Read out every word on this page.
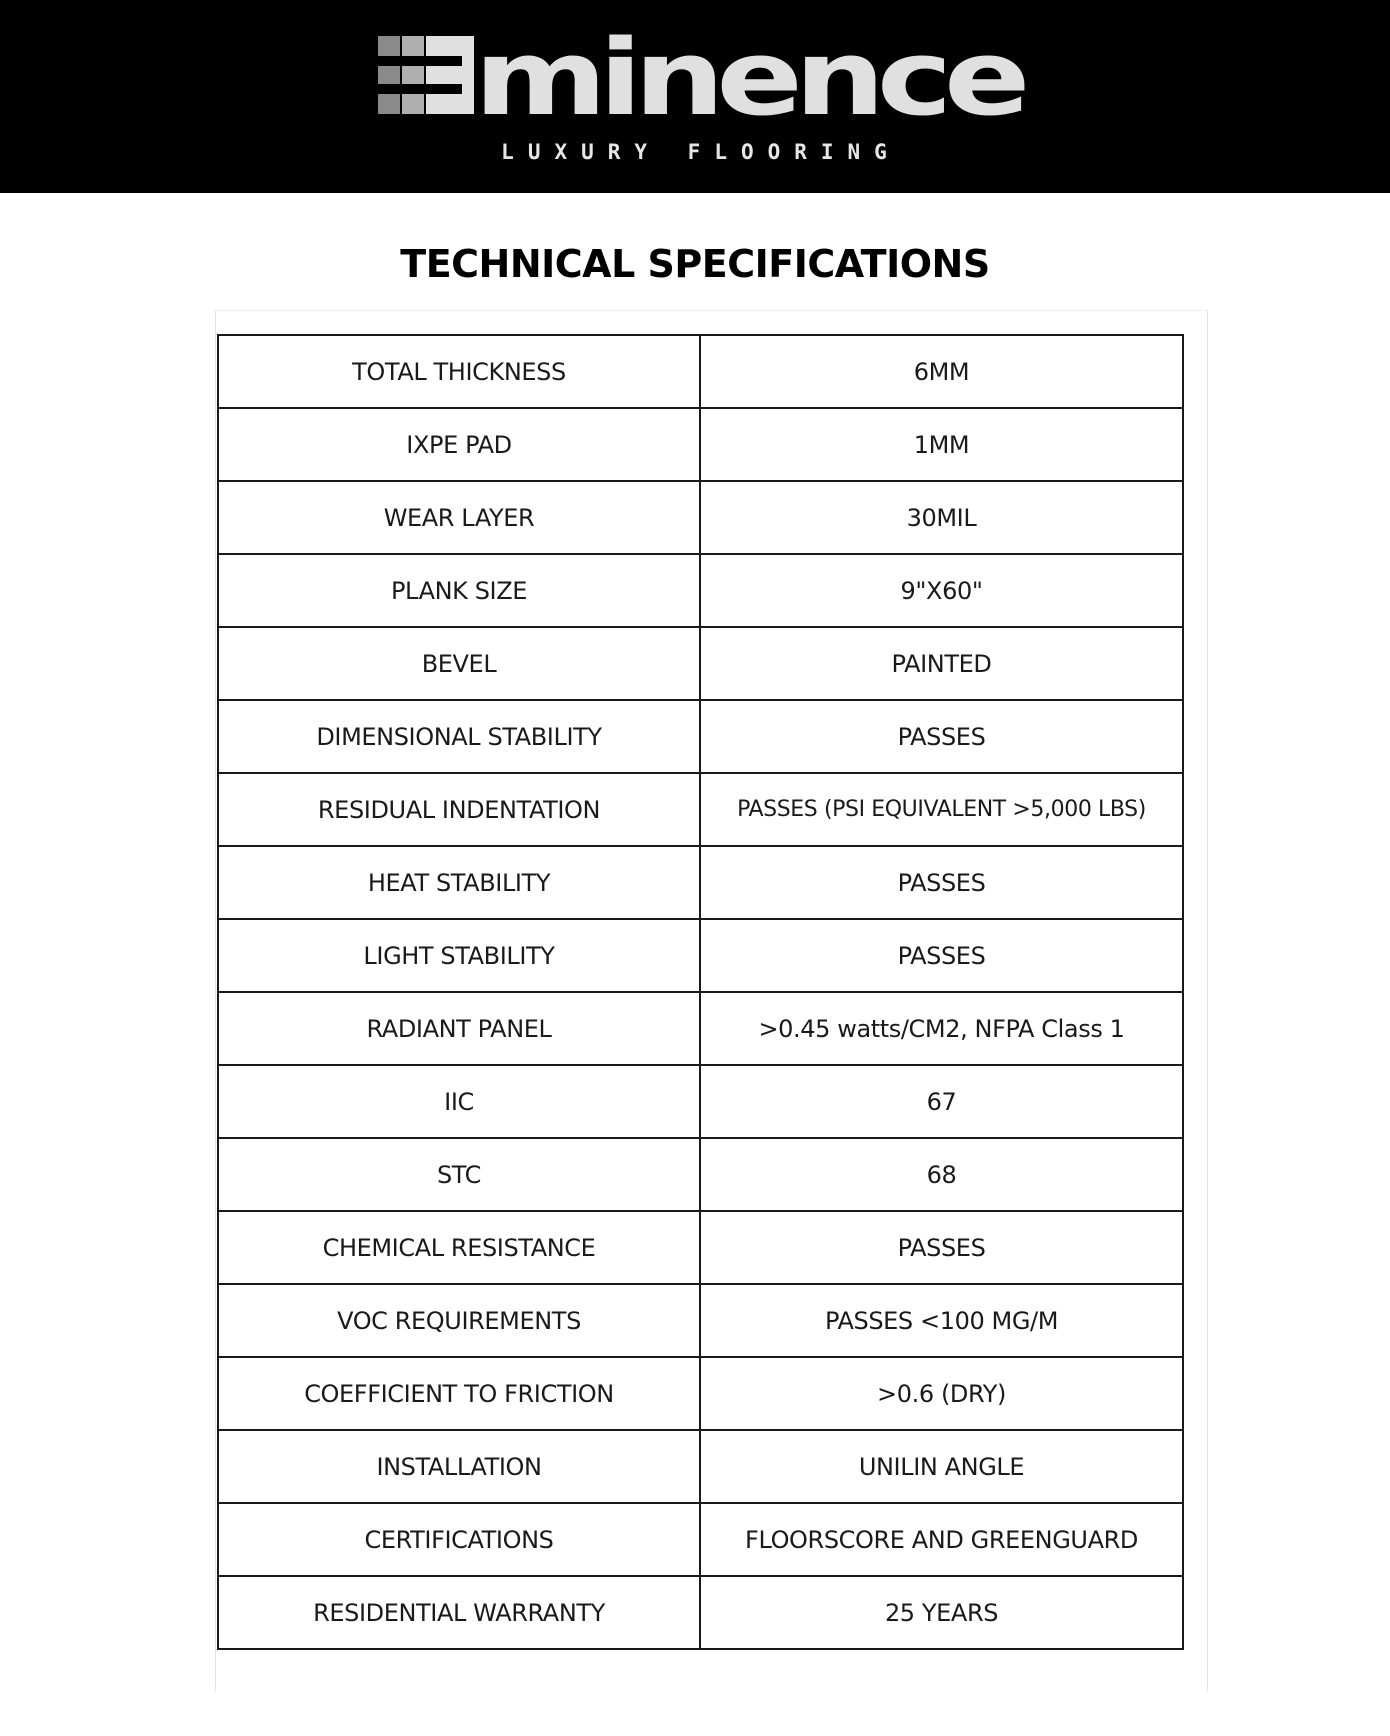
minence
LUXURY FLOORING
TECHNICAL SPECIFICATIONS
TOTAL THICKNESS	6MM
IXPE PAD	1MM
WEAR LAYER	30MIL
PLANK SIZE	9"X60"
BEVEL	PAINTED
DIMENSIONAL STABILITY	PASSES
RESIDUAL INDENTATION	PASSES (PSI EQUIVALENT >5,000 LBS)
HEAT STABILITY	PASSES
LIGHT STABILITY	PASSES
RADIANT PANEL	>0.45 watts/CM2, NFPA Class 1
IIC	67
STC	68
CHEMICAL RESISTANCE	PASSES
VOC REQUIREMENTS	PASSES <100 MG/M
COEFFICIENT TO FRICTION	>0.6 (DRY)
INSTALLATION	UNILIN ANGLE
CERTIFICATIONS	FLOORSCORE AND GREENGUARD
RESIDENTIAL WARRANTY	25 YEARS
